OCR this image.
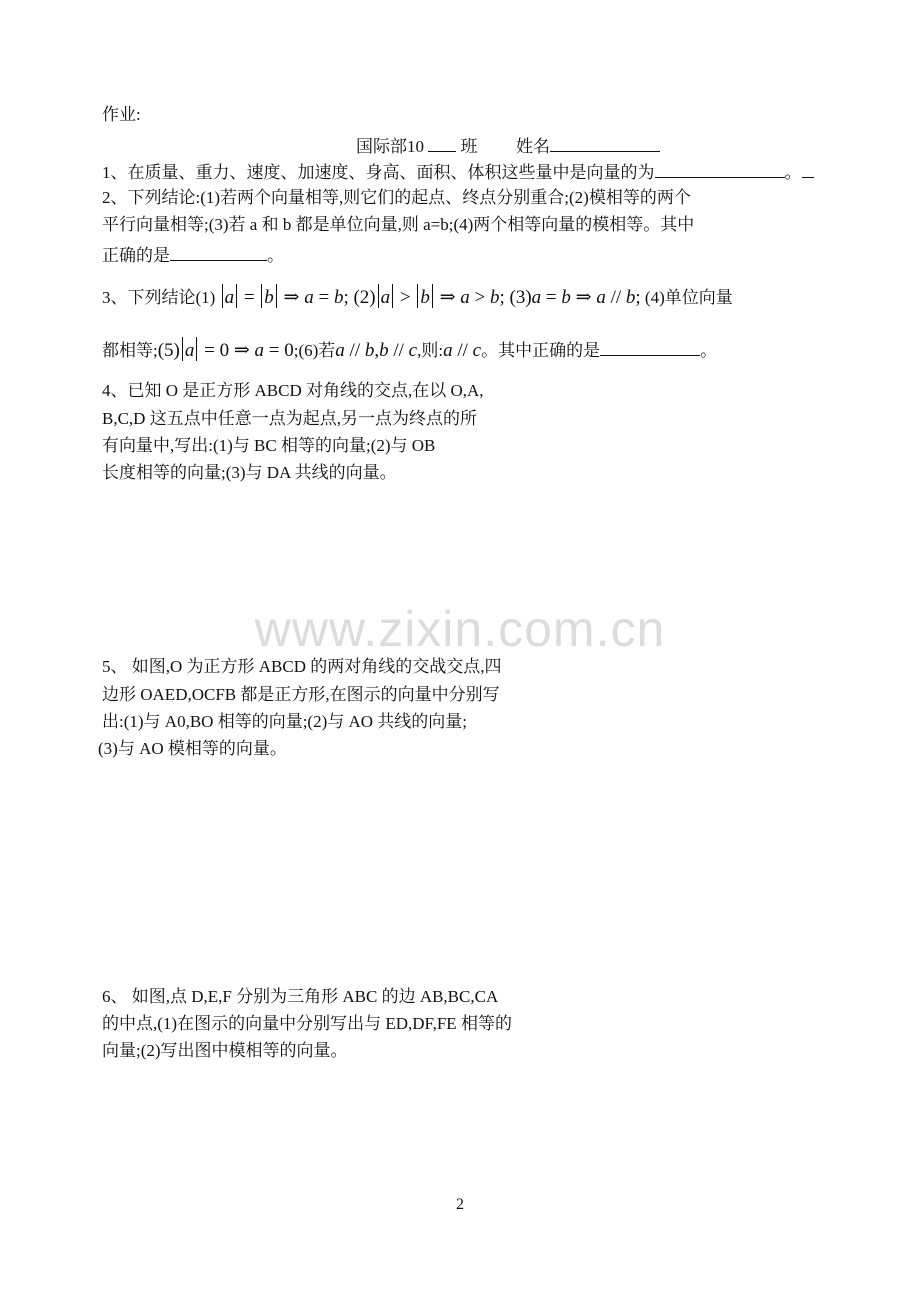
作业:
国际部10 班 姓名
1、在质量、重力、速度、加速度、身高、面积、体积这些量中是向量的为	。
2、下列结论:(1)若两个向量相等,则它们的起点、终点分别重合;(2)模相等的两个
平行向量相等;(3)若 a 和 b 都是单位向量,则 a=b;(4)两个相等向量的模相等。其中
正确的是	。
3、下列结论(1) a = b ⇒ a = b; (2) a > b ⇒ a > b; (3)a = b ⇒ a // b; (4)单位向量
都相等;(5) a = 0 ⇒ a = 0;(6)若a // b,b // c,则:a // c。其中正确的是	。
4、已知 O 是正方形 ABCD 对角线的交点,在以 O,A,
B,C,D 这五点中任意一点为起点,另一点为终点的所
有向量中,写出:(1)与 BC 相等的向量;(2)与 OB
长度相等的向量;(3)与 DA 共线的向量。
www.zixin.com.cn
5、 如图,O 为正方形 ABCD 的两对角线的交战交点,四
边形 OAED,OCFB 都是正方形,在图示的向量中分别写
出:(1)与 A0,BO 相等的向量;(2)与 AO 共线的向量;
(3)与 AO 模相等的向量。
6、 如图,点 D,E,F 分别为三角形 ABC 的边 AB,BC,CA
的中点,(1)在图示的向量中分别写出与 ED,DF,FE 相等的
向量;(2)写出图中模相等的向量。
2
